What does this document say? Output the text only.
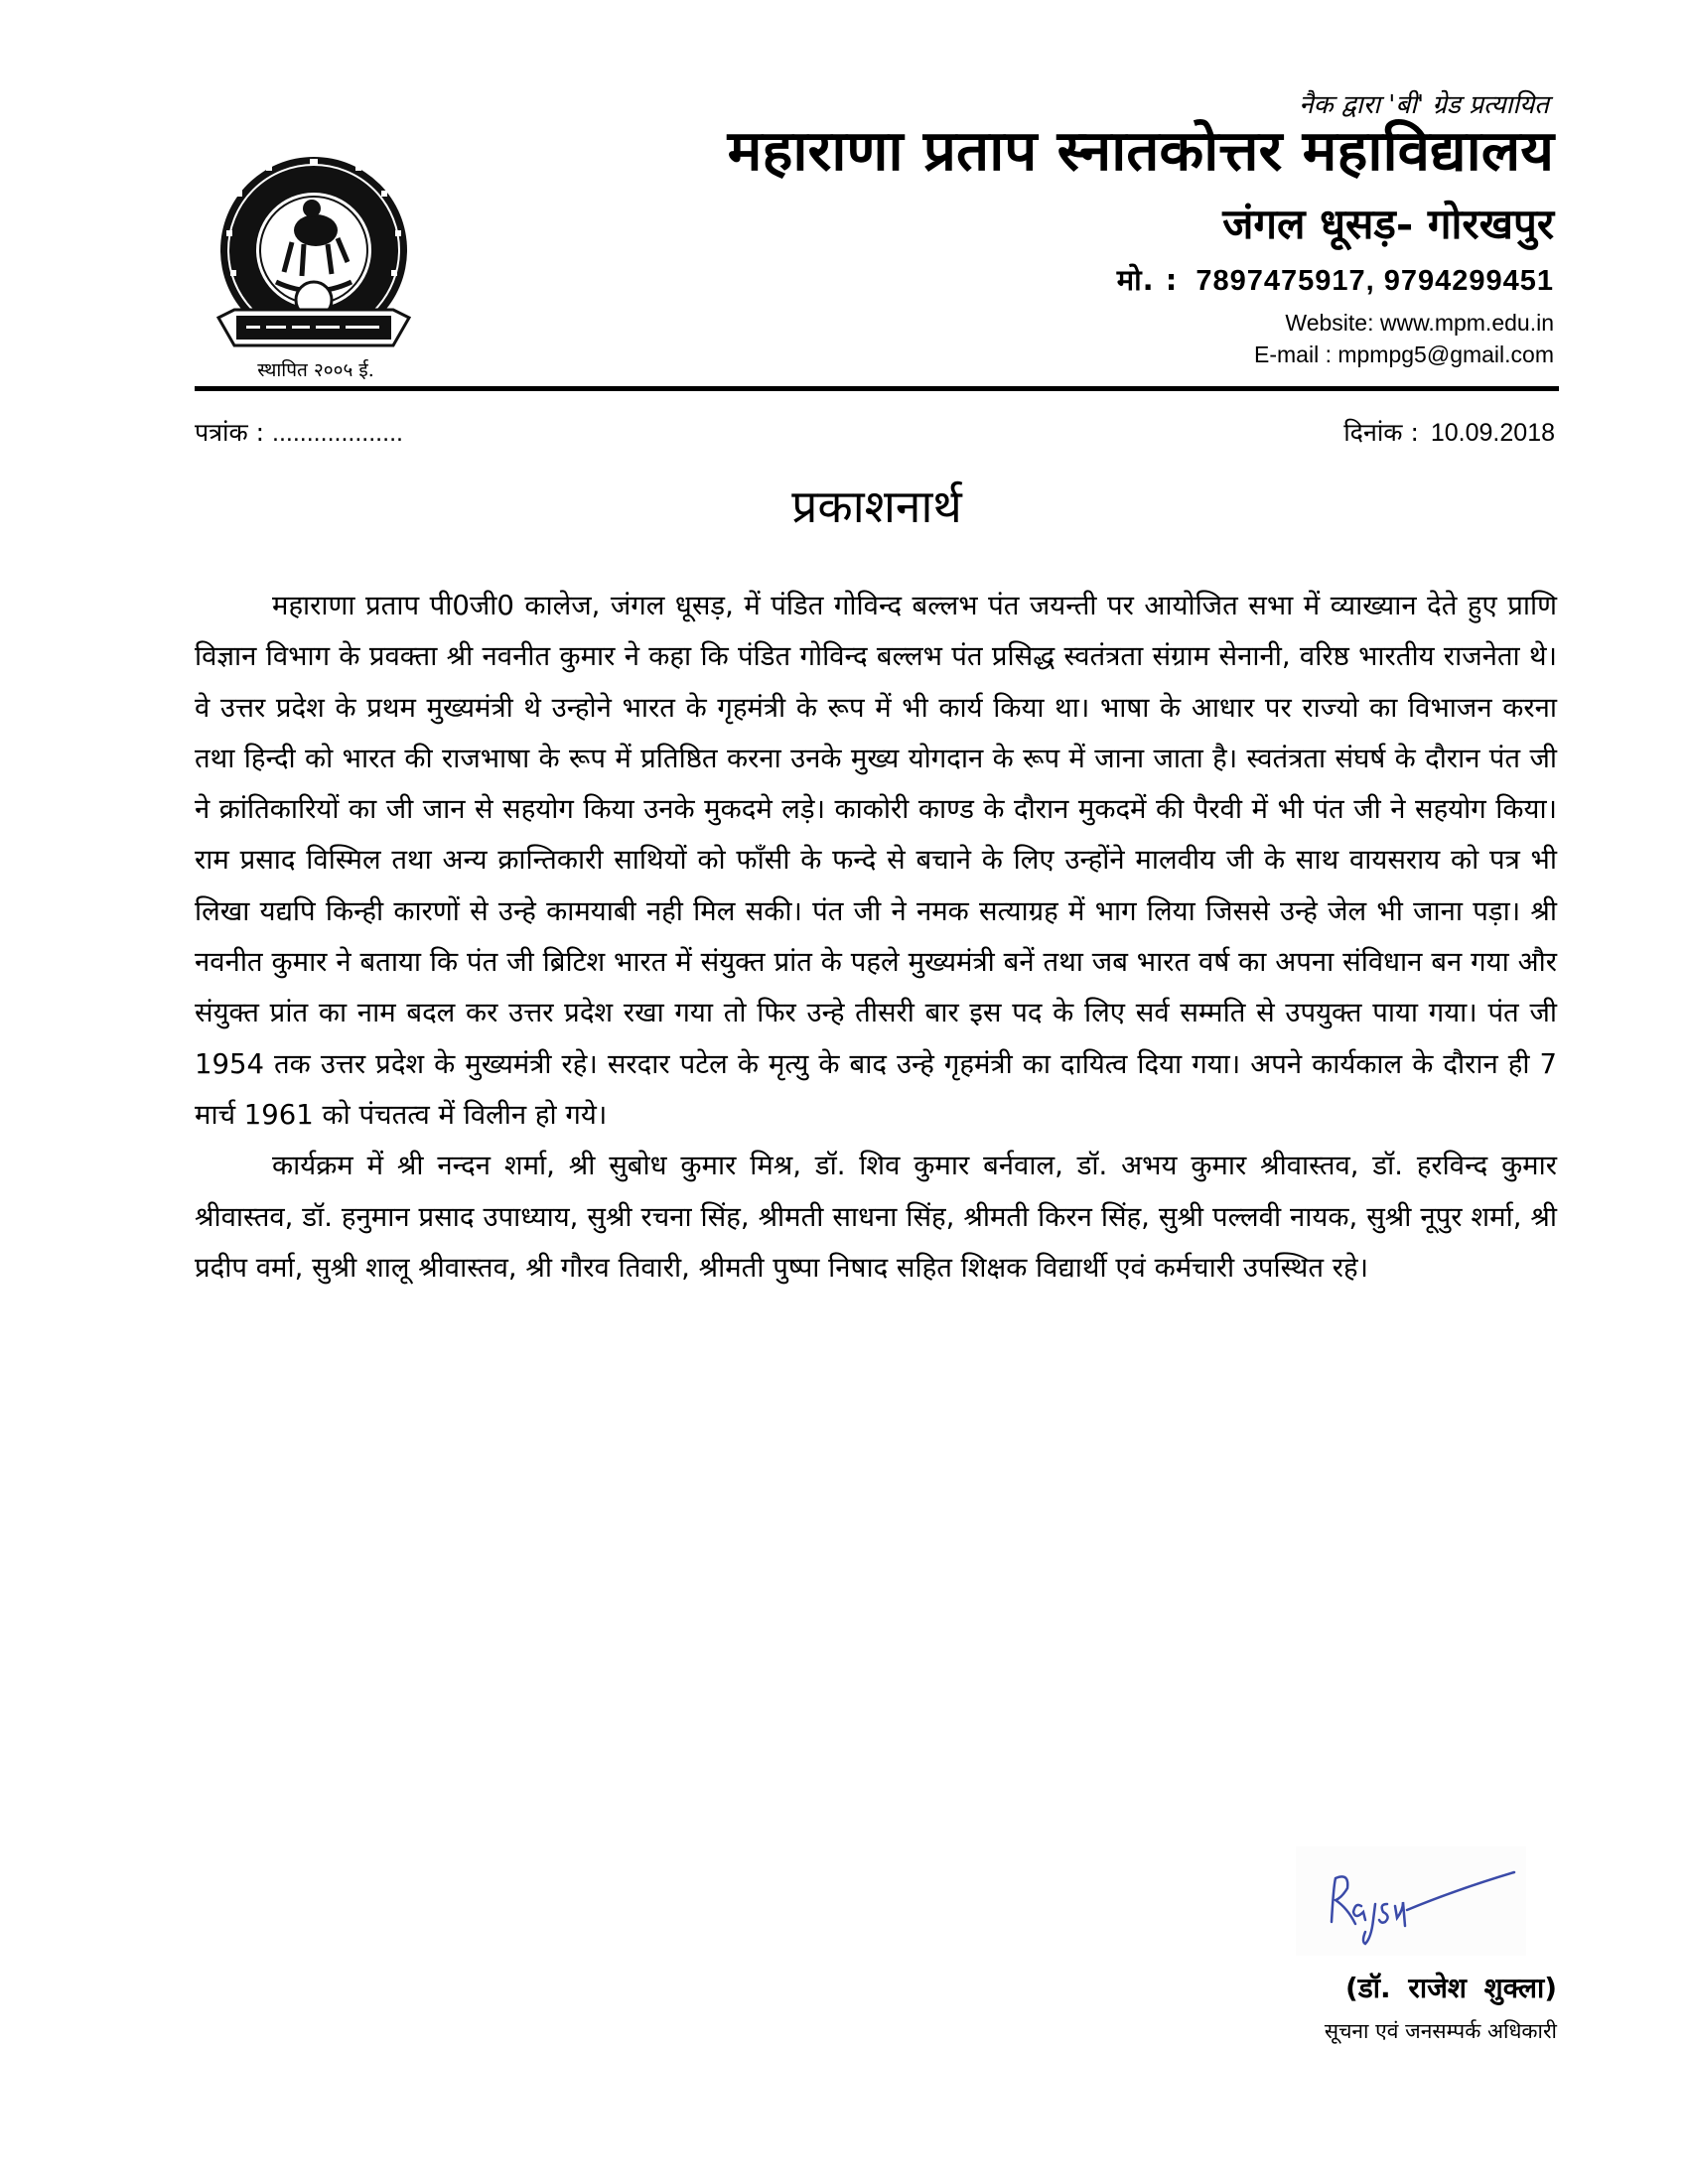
नैक द्वारा 'बी' ग्रेड प्रत्यायित
महाराणा प्रताप स्नातकोत्तर महाविद्यालय
जंगल धूसड़- गोरखपुर
मो. : 7897475917, 9794299451
Website: www.mpm.edu.in
E-mail : mpmpg5@gmail.com
स्थापित २००५ ई.
पत्रांक : ...................	दिनांक : 10.09.2018
प्रकाशनार्थ

महाराणा प्रताप पी0जी0 कालेज, जंगल धूसड़, में पंडित गोविन्द बल्लभ पंत जयन्ती पर आयोजित सभा में व्याख्यान देते हुए प्राणि विज्ञान विभाग के प्रवक्ता श्री नवनीत कुमार ने कहा कि पंडित गोविन्द बल्लभ पंत प्रसिद्ध स्वतंत्रता संग्राम सेनानी, वरिष्ठ भारतीय राजनेता थे। वे उत्तर प्रदेश के प्रथम मुख्यमंत्री थे उन्होने भारत के गृहमंत्री के रूप में भी कार्य किया था। भाषा के आधार पर राज्यो का विभाजन करना तथा हिन्दी को भारत की राजभाषा के रूप में प्रतिष्ठित करना उनके मुख्य योगदान के रूप में जाना जाता है। स्वतंत्रता संघर्ष के दौरान पंत जी ने क्रांतिकारियों का जी जान से सहयोग किया उनके मुकदमे लड़े। काकोरी काण्ड के दौरान मुकदमें की पैरवी में भी पंत जी ने सहयोग किया। राम प्रसाद विस्मिल तथा अन्य क्रान्तिकारी साथियों को फाँसी के फन्दे से बचाने के लिए उन्होंने मालवीय जी के साथ वायसराय को पत्र भी लिखा यद्यपि किन्ही कारणों से उन्हे कामयाबी नही मिल सकी। पंत जी ने नमक सत्याग्रह में भाग लिया जिससे उन्हे जेल भी जाना पड़ा। श्री नवनीत कुमार ने बताया कि पंत जी ब्रिटिश भारत में संयुक्त प्रांत के पहले मुख्यमंत्री बनें तथा जब भारत वर्ष का अपना संविधान बन गया और संयुक्त प्रांत का नाम बदल कर उत्तर प्रदेश रखा गया तो फिर उन्हे तीसरी बार इस पद के लिए सर्व सम्मति से उपयुक्त पाया गया। पंत जी 1954 तक उत्तर प्रदेश के मुख्यमंत्री रहे। सरदार पटेल के मृत्यु के बाद उन्हे गृहमंत्री का दायित्व दिया गया। अपने कार्यकाल के दौरान ही 7 मार्च 1961 को पंचतत्व में विलीन हो गये।

कार्यक्रम में श्री नन्दन शर्मा, श्री सुबोध कुमार मिश्र, डॉ. शिव कुमार बर्नवाल, डॉ. अभय कुमार श्रीवास्तव, डॉ. हरविन्द कुमार श्रीवास्तव, डॉ. हनुमान प्रसाद उपाध्याय, सुश्री रचना सिंह, श्रीमती साधना सिंह, श्रीमती किरन सिंह, सुश्री पल्लवी नायक, सुश्री नूपुर शर्मा, श्री प्रदीप वर्मा, सुश्री शालू श्रीवास्तव, श्री गौरव तिवारी, श्रीमती पुष्पा निषाद सहित शिक्षक विद्यार्थी एवं कर्मचारी उपस्थित रहे।

(डॉ. राजेश शुक्ला)
सूचना एवं जनसम्पर्क अधिकारी
